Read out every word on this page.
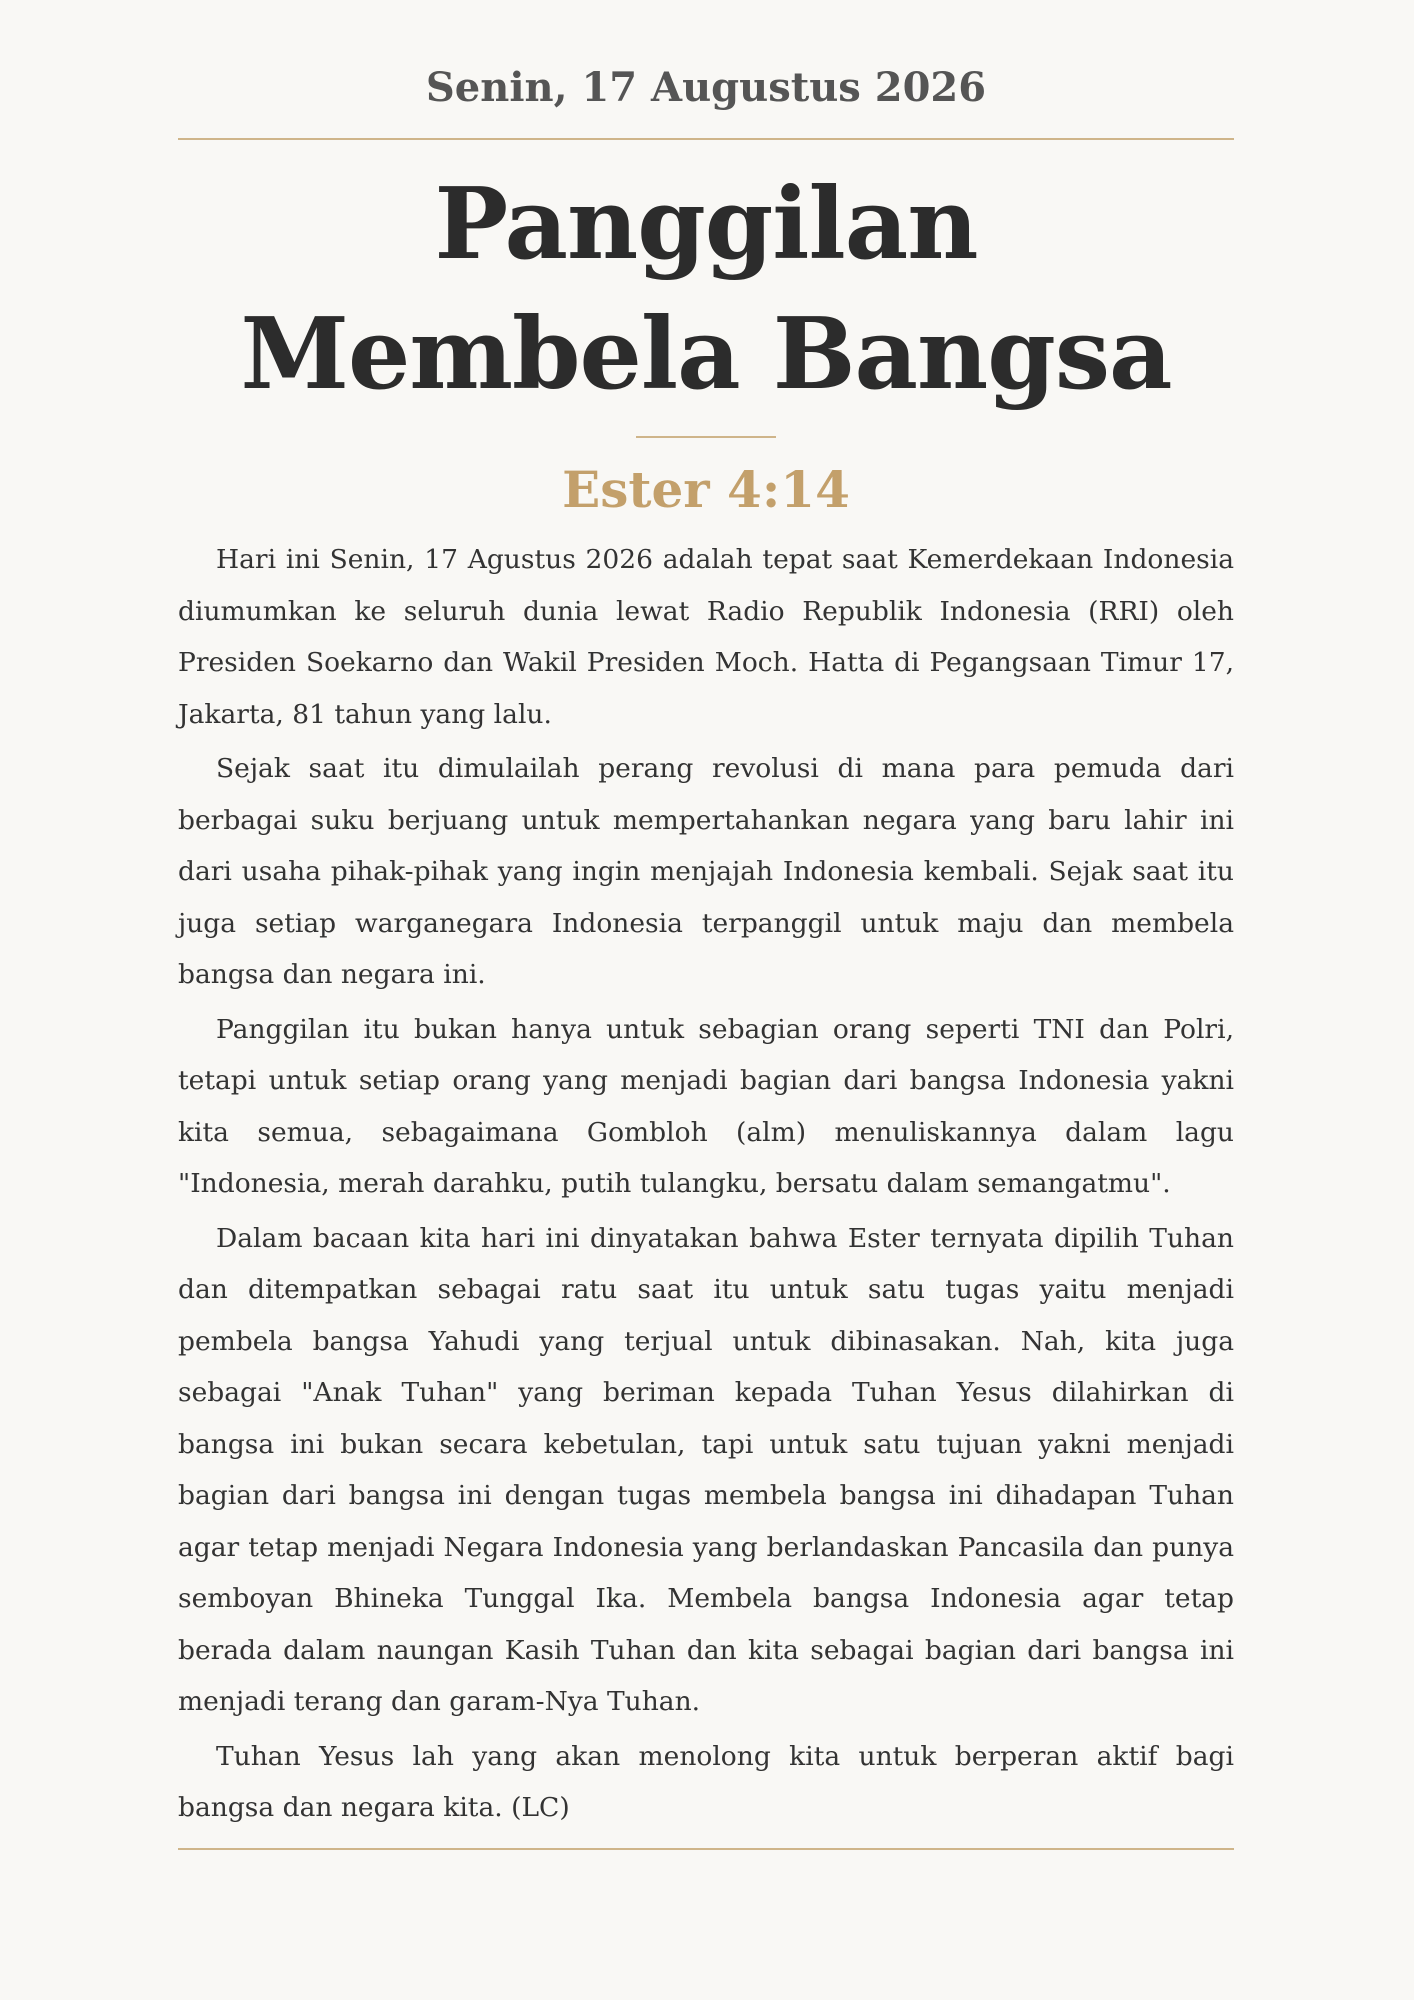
Senin, 17 Augustus 2026
Panggilan Membela Bangsa
Ester 4:14

Hari ini Senin, 17 Agustus 2026 adalah tepat saat Kemerdekaan Indonesia diumumkan ke seluruh dunia lewat Radio Republik Indonesia (RRI) oleh Presiden Soekarno dan Wakil Presiden Moch. Hatta di Pegangsaan Timur 17, Jakarta, 81 tahun yang lalu.

Sejak saat itu dimulailah perang revolusi di mana para pemuda dari berbagai suku berjuang untuk mempertahankan negara yang baru lahir ini dari usaha pihak-pihak yang ingin menjajah Indonesia kembali. Sejak saat itu juga setiap warganegara Indonesia terpanggil untuk maju dan membela bangsa dan negara ini.

Panggilan itu bukan hanya untuk sebagian orang seperti TNI dan Polri, tetapi untuk setiap orang yang menjadi bagian dari bangsa Indonesia yakni kita semua, sebagaimana Gombloh (alm) menuliskannya dalam lagu "Indonesia, merah darahku, putih tulangku, bersatu dalam semangatmu".

Dalam bacaan kita hari ini dinyatakan bahwa Ester ternyata dipilih Tuhan dan ditempatkan sebagai ratu saat itu untuk satu tugas yaitu menjadi pembela bangsa Yahudi yang terjual untuk dibinasakan. Nah, kita juga sebagai "Anak Tuhan" yang beriman kepada Tuhan Yesus dilahirkan di bangsa ini bukan secara kebetulan, tapi untuk satu tujuan yakni menjadi bagian dari bangsa ini dengan tugas membela bangsa ini dihadapan Tuhan agar tetap menjadi Negara Indonesia yang berlandaskan Pancasila dan punya semboyan Bhineka Tunggal Ika. Membela bangsa Indonesia agar tetap berada dalam naungan Kasih Tuhan dan kita sebagai bagian dari bangsa ini menjadi terang dan garam-Nya Tuhan.

Tuhan Yesus lah yang akan menolong kita untuk berperan aktif bagi bangsa dan negara kita. (LC)
